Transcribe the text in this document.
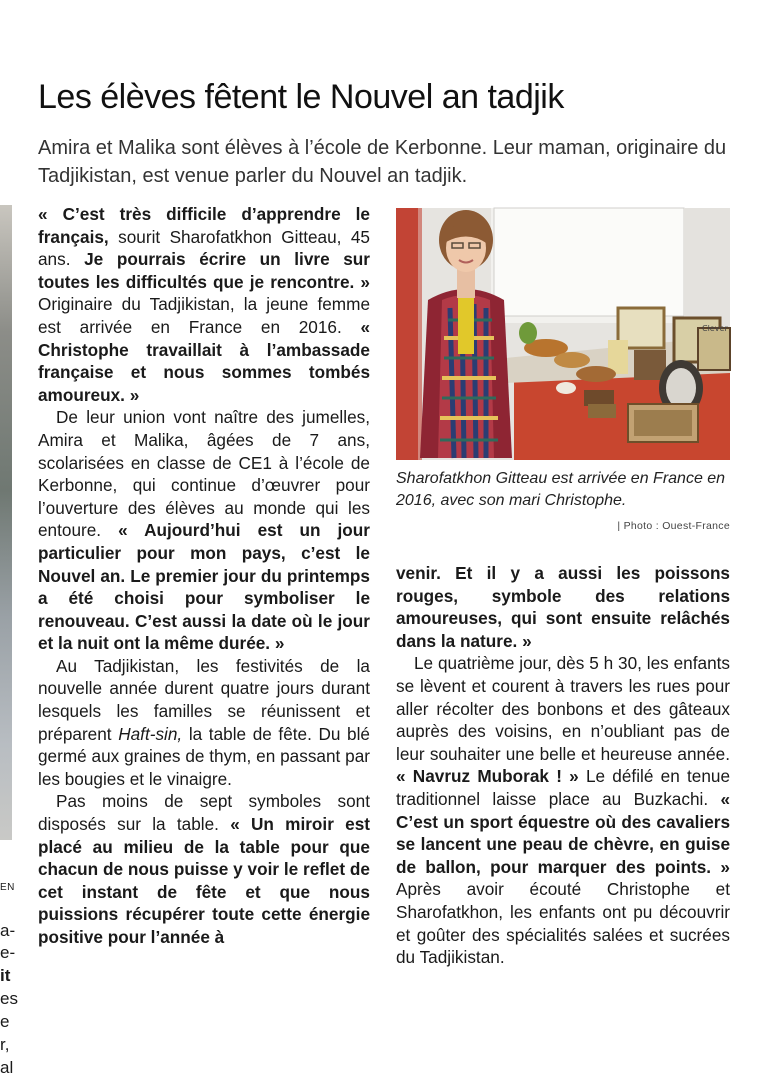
EN
a-
e-
it
es
e
r,
al
Les élèves fêtent le Nouvel an tadjik

Amira et Malika sont élèves à l’école de Kerbonne. Leur maman, originaire du Tadjikistan, est venue parler du Nouvel an tadjik.

« C’est très difficile d’apprendre le français, sourit Sharofatkhon Gitteau, 45 ans. Je pourrais écrire un livre sur toutes les difficultés que je rencontre. » Originaire du Tadjikistan, la jeune femme est arrivée en France en 2016. « Christophe travaillait à l’ambassade française et nous sommes tombés amoureux. »

De leur union vont naître des jumelles, Amira et Malika, âgées de 7 ans, scolarisées en classe de CE1 à l’école de Kerbonne, qui continue d’œuvrer pour l’ouverture des élèves au monde qui les entoure. « Aujourd’hui est un jour particulier pour mon pays, c’est le Nouvel an. Le premier jour du printemps a été choisi pour symboliser le renouveau. C’est aussi la date où le jour et la nuit ont la même durée. »

Au Tadjikistan, les festivités de la nouvelle année durent quatre jours durant lesquels les familles se réunissent et préparent Haft-sin, la table de fête. Du blé germé aux graines de thym, en passant par les bougies et le vinaigre.

Pas moins de sept symboles sont disposés sur la table. « Un miroir est placé au milieu de la table pour que chacun de nous puisse y voir le reflet de cet instant de fête et que nous puissions récupérer toute cette énergie positive pour l’année à

Clever
Sharofatkhon Gitteau est arrivée en France en 2016, avec son mari Christophe.
| Photo : Ouest-France

venir. Et il y a aussi les poissons rouges, symbole des relations amoureuses, qui sont ensuite relâchés dans la nature. »

Le quatrième jour, dès 5 h 30, les enfants se lèvent et courent à travers les rues pour aller récolter des bonbons et des gâteaux auprès des voisins, en n’oubliant pas de leur souhaiter une belle et heureuse année. « Navruz Muborak ! » Le défilé en tenue traditionnel laisse place au Buzkachi. « C’est un sport équestre où des cavaliers se lancent une peau de chèvre, en guise de ballon, pour marquer des points. » Après avoir écouté Christophe et Sharofatkhon, les enfants ont pu découvrir et goûter des spécialités salées et sucrées du Tadjikistan.
